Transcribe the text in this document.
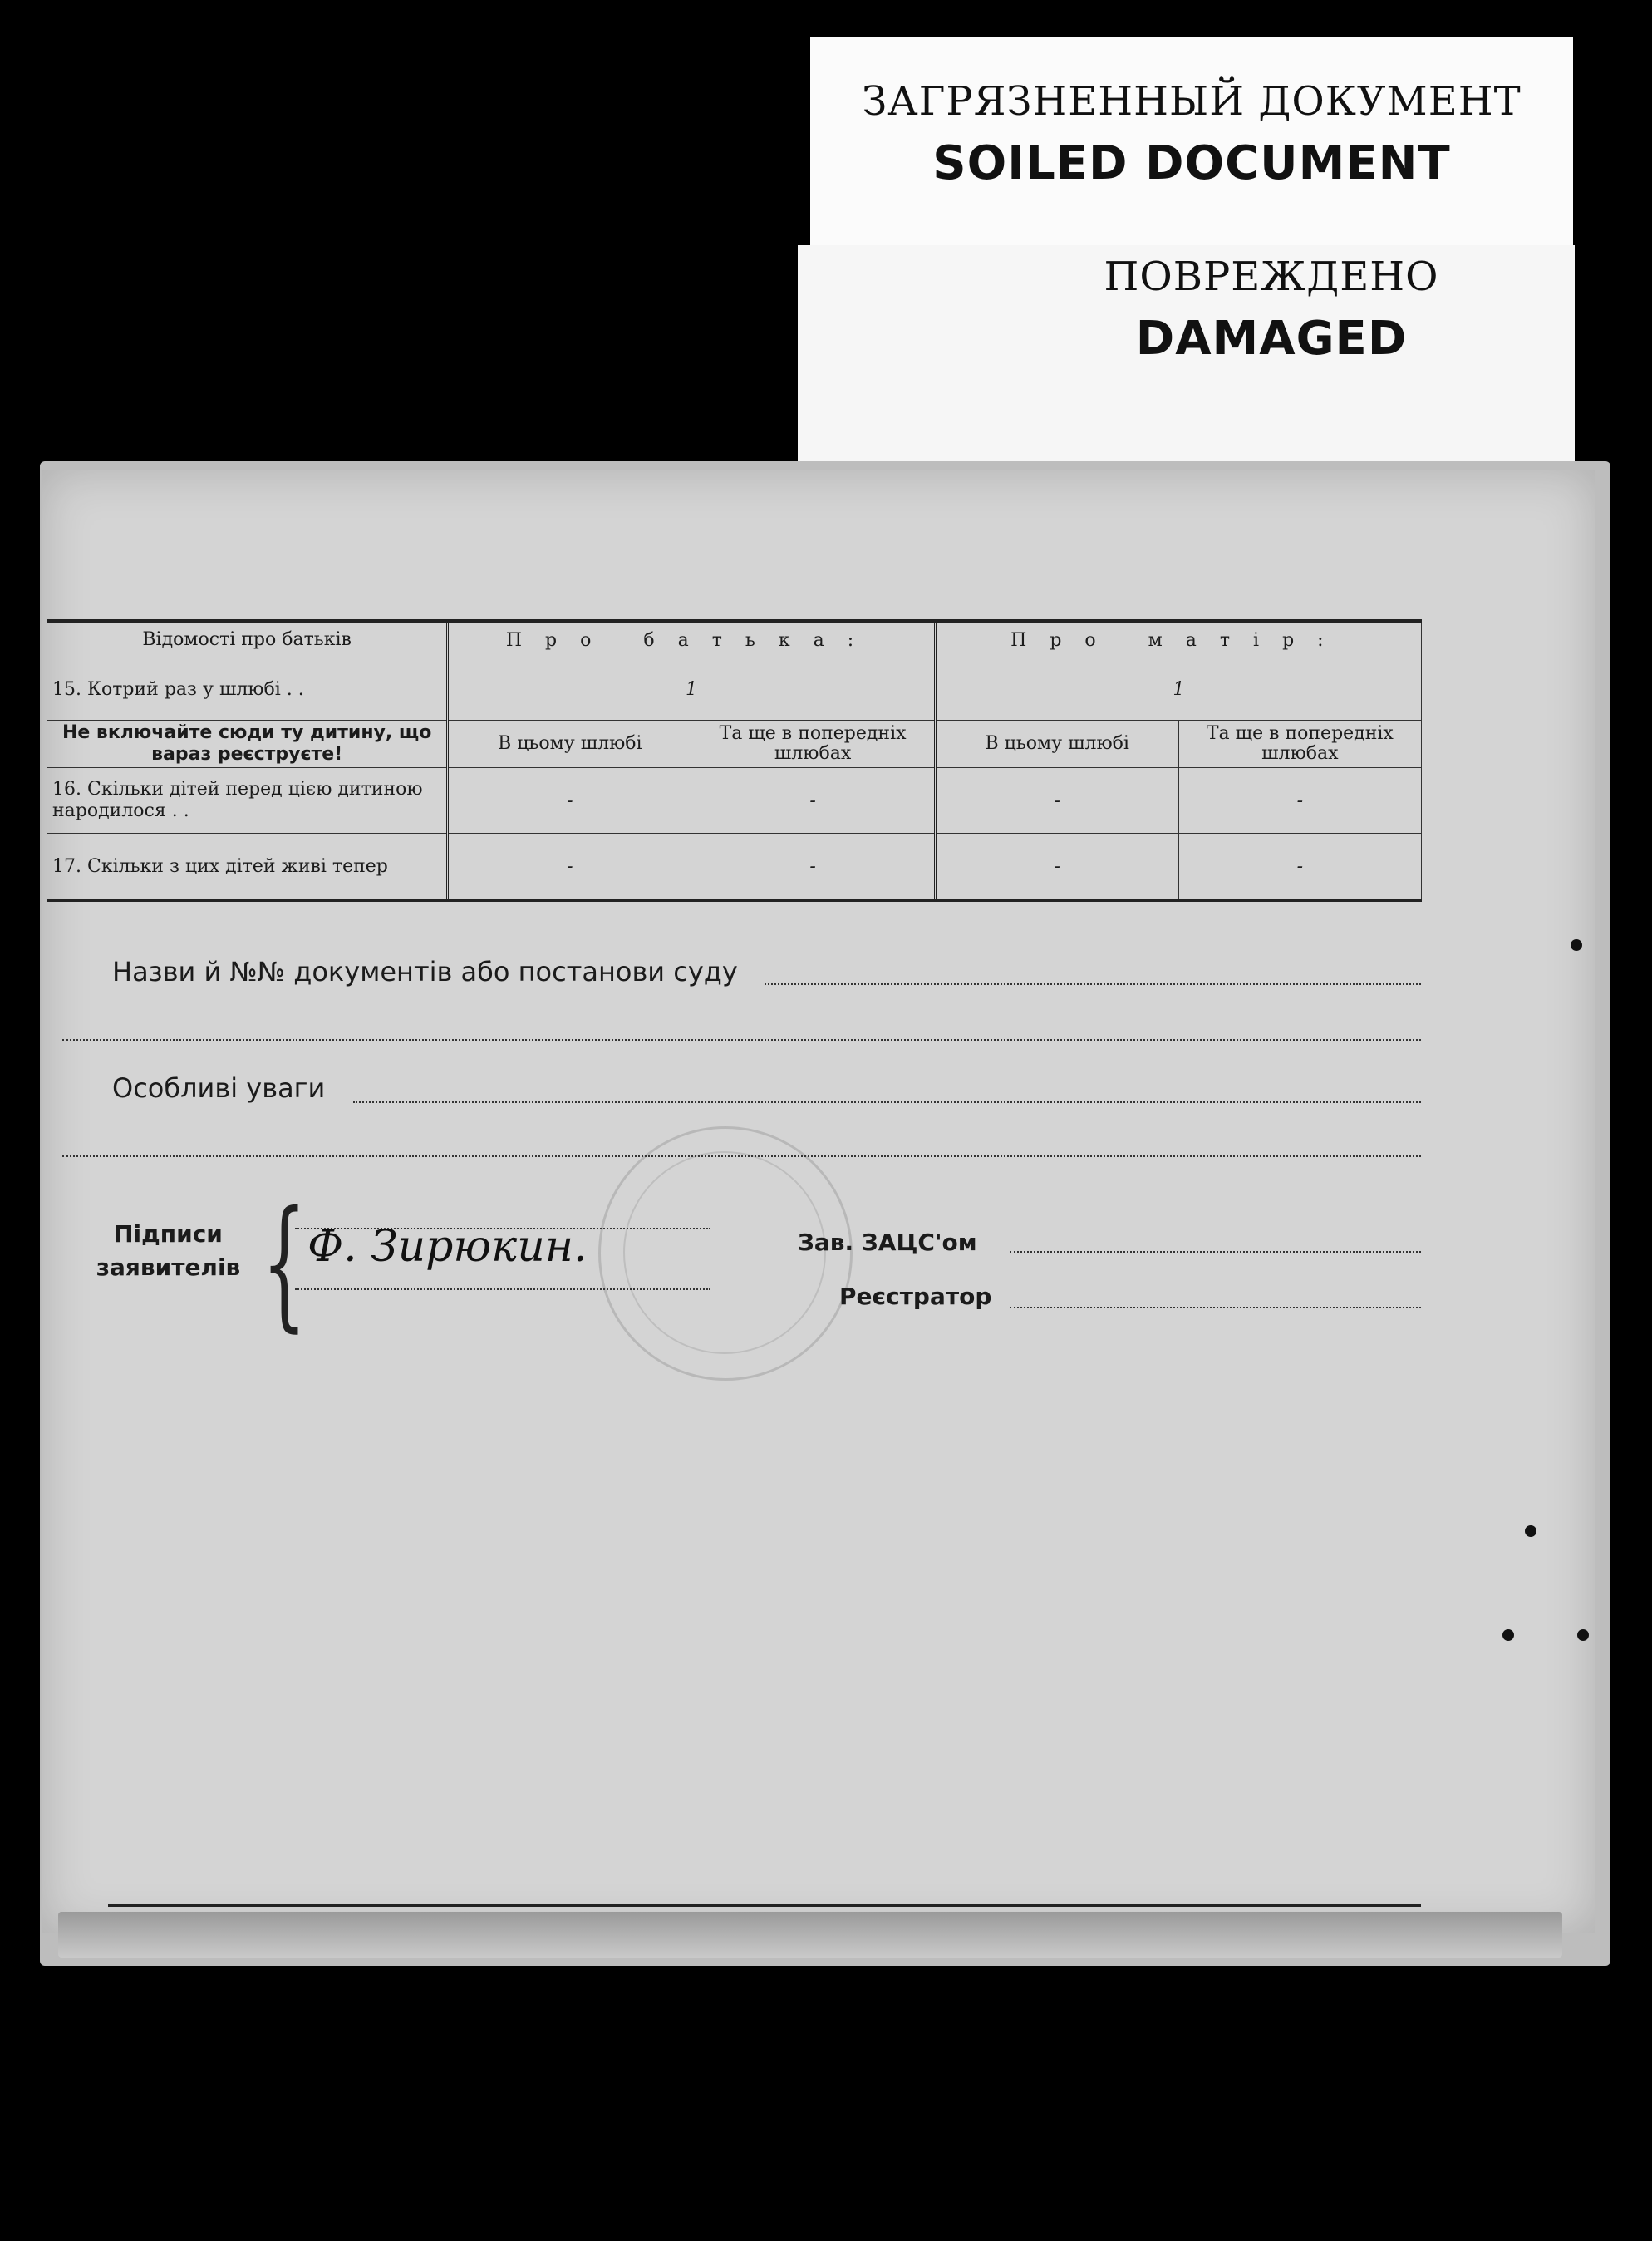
ЗАГРЯЗНЕННЫЙ ДОКУМЕНТ
SOILED DOCUMENT
ПОВРЕЖДЕНО
DAMAGED
Відомості про батьків	Про батька:		Про матір:	
15. Котрий раз у шлюбі . .	1		1	
Не включайте сюди ту дитину, що вараз реєструєте!	В цьому шлюбі	Та ще в попередніх шлюбах	В цьому шлюбі	Та ще в попередніх шлюбах
16. Скільки дітей перед цією дитиною народилося . .	-	-	-	-
17. Скільки з цих дітей живі тепер	-	-	-	-
Назви й №№ документів або постанови суду
Особливі уваги
Підписи заявителів { Ф. Зирюкин.	Зав. ЗАЦС'ом
Реєстратор
